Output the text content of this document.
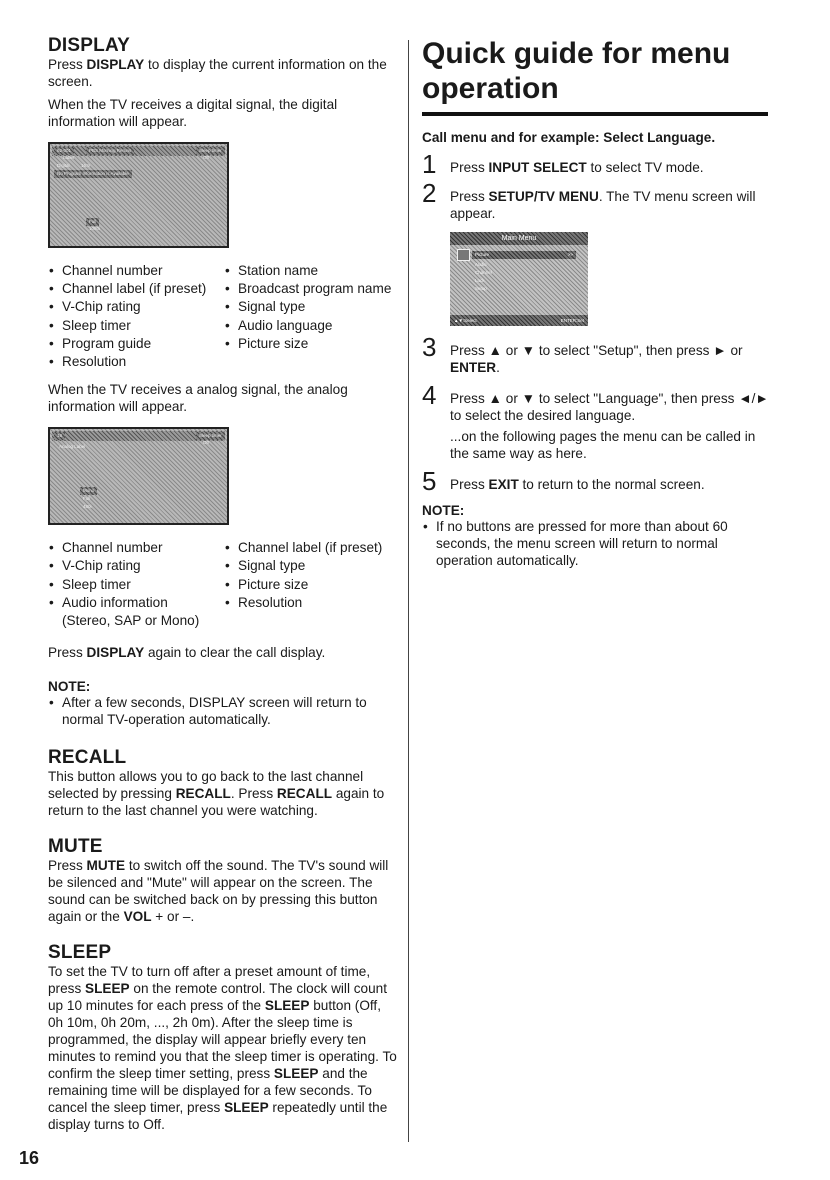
DISPLAY

Press DISPLAY to display the current information on the screen.

When the TV receives a digital signal, the digital information will appear.

62-001	PBS Morning Reruns
Label
Sleep timer
Off
Digital	16:9
No Program Information is Available
Full
1080i
• Channel number	• Station name
• Channel label (if preset)	• Broadcast program name
• V-Chip rating	• Signal type
• Sleep timer	• Audio language
• Program guide	• Picture size
• Resolution

When the TV receives a analog signal, the analog information will appear.

18
Analog Label
Sleep timer
Off
Mono
Full
480i
• Channel number	• Channel label (if preset)
• V-Chip rating	• Signal type
• Sleep timer	• Picture size
• Audio information	• Resolution
(Stereo, SAP or Mono)

Press DISPLAY again to clear the call display.

NOTE:
• After a few seconds, DISPLAY screen will return to normal TV-operation automatically.
RECALL

This button allows you to go back to the last channel selected by pressing RECALL. Press RECALL again to return to the last channel you were watching.

MUTE

Press MUTE to switch off the sound. The TV's sound will be silenced and "Mute" will appear on the screen. The sound can be switched back on by pressing this button again or the VOL + or –.

SLEEP

To set the TV to turn off after a preset amount of time, press SLEEP on the remote control. The clock will count up 10 minutes for each press of the SLEEP button (Off, 0h 10m, 0h 20m, ..., 2h 0m). After the sleep time is programmed, the display will appear briefly every ten minutes to remind you that the sleep timer is operating. To confirm the sleep timer setting, press SLEEP and the remaining time will be displayed for a few seconds. To cancel the sleep timer, press SLEEP repeatedly until the display turns to Off.

Quick guide for menu operation
Call menu and for example: Select Language.
1 Press INPUT SELECT to select TV mode.
2 Press SETUP/TV MENU. The TV menu screen will appear.
Main Menu
Picture	>>
Audio
Channel
Lock
Setup
▲▼:Select	ENTER:Set
3 Press ▲ or ▼ to select "Setup", then press ► or ENTER.
4 Press ▲ or ▼ to select "Language", then press ◄/► to select the desired language.
...on the following pages the menu can be called in the same way as here.
5 Press EXIT to return to the normal screen.
NOTE:
• If no buttons are pressed for more than about 60 seconds, the menu screen will return to normal operation automatically.
16
